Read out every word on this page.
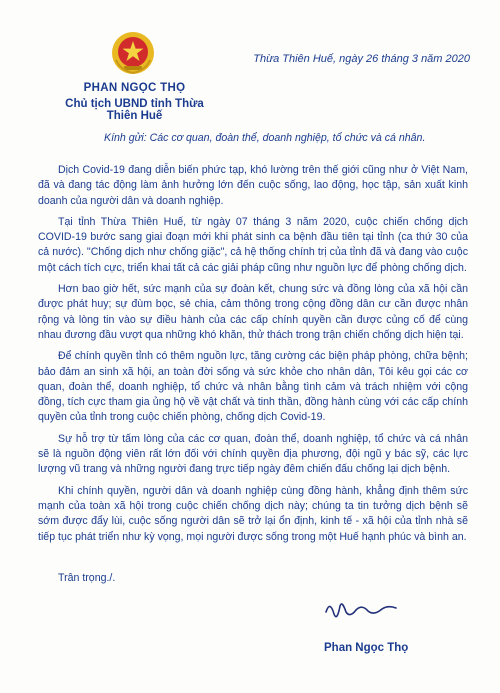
PHAN NGỌC THỌ
Chủ tịch UBND tỉnh Thừa Thiên Huế
Thừa Thiên Huế, ngày 26 tháng 3 năm 2020
Kính gửi: Các cơ quan, đoàn thể, doanh nghiệp, tổ chức và cá nhân.

Dịch Covid-19 đang diễn biến phức tạp, khó lường trên thế giới cũng như ở Việt Nam, đã và đang tác động làm ảnh hưởng lớn đến cuộc sống, lao động, học tập, sản xuất kinh doanh của người dân và doanh nghiệp.

Tại tỉnh Thừa Thiên Huế, từ ngày 07 tháng 3 năm 2020, cuộc chiến chống dịch COVID-19 bước sang giai đoạn mới khi phát sinh ca bệnh đầu tiên tại tỉnh (ca thứ 30 của cả nước). "Chống dịch như chống giặc", cả hệ thống chính trị của tỉnh đã và đang vào cuộc một cách tích cực, triển khai tất cả các giải pháp cũng như nguồn lực để phòng chống dịch.

Hơn bao giờ hết, sức mạnh của sự đoàn kết, chung sức và đồng lòng của xã hội cần được phát huy; sự đùm bọc, sẻ chia, cảm thông trong cộng đồng dân cư cần được nhân rộng và lòng tin vào sự điều hành của các cấp chính quyền cần được củng cố để cùng nhau đương đầu vượt qua những khó khăn, thử thách trong trận chiến chống dịch hiện tại.

Để chính quyền tỉnh có thêm nguồn lực, tăng cường các biện pháp phòng, chữa bệnh; bảo đảm an sinh xã hội, an toàn đời sống và sức khỏe cho nhân dân, Tôi kêu gọi các cơ quan, đoàn thể, doanh nghiệp, tổ chức và nhân bằng tình cảm và trách nhiệm với cộng đồng, tích cực tham gia ủng hộ về vật chất và tinh thần, đồng hành cùng với các cấp chính quyền của tỉnh trong cuộc chiến phòng, chống dịch Covid-19.

Sự hỗ trợ từ tấm lòng của các cơ quan, đoàn thể, doanh nghiệp, tổ chức và cá nhân sẽ là nguồn động viên rất lớn đối với chính quyền địa phương, đội ngũ y bác sỹ, các lực lượng vũ trang và những người đang trực tiếp ngày đêm chiến đấu chống lại dịch bệnh.

Khi chính quyền, người dân và doanh nghiệp cùng đồng hành, khẳng định thêm sức mạnh của toàn xã hội trong cuộc chiến chống dịch này; chúng ta tin tưởng dịch bệnh sẽ sớm được đẩy lùi, cuộc sống người dân sẽ trở lại ổn định, kinh tế - xã hội của tỉnh nhà sẽ tiếp tục phát triển như kỳ vọng, mọi người được sống trong một Huế hạnh phúc và bình an.

Trân trọng./.
Phan Ngọc Thọ
